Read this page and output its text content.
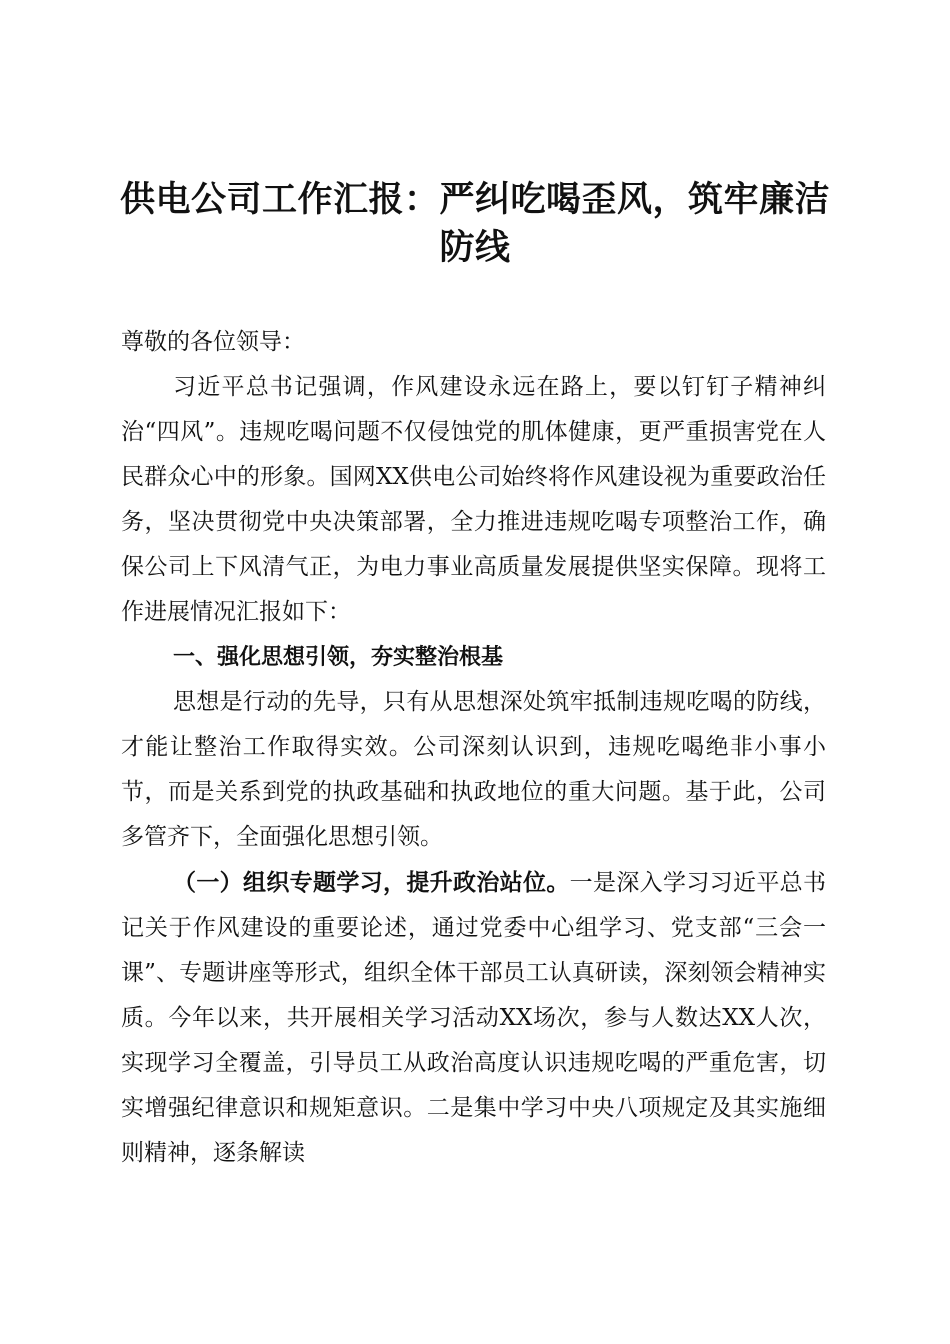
供电公司工作汇报：严纠吃喝歪风，筑牢廉洁防线

尊敬的各位领导：

习近平总书记强调，作风建设永远在路上，要以钉钉子精神纠治“四风”。违规吃喝问题不仅侵蚀党的肌体健康，更严重损害党在人民群众心中的形象。国网XX供电公司始终将作风建设视为重要政治任务，坚决贯彻党中央决策部署，全力推进违规吃喝专项整治工作，确保公司上下风清气正，为电力事业高质量发展提供坚实保障。现将工作进展情况汇报如下：

一、强化思想引领，夯实整治根基

思想是行动的先导，只有从思想深处筑牢抵制违规吃喝的防线，才能让整治工作取得实效。公司深刻认识到，违规吃喝绝非小事小节，而是关系到党的执政基础和执政地位的重大问题。基于此，公司多管齐下，全面强化思想引领。

（一）组织专题学习，提升政治站位。一是深入学习习近平总书记关于作风建设的重要论述，通过党委中心组学习、党支部“三会一课”、专题讲座等形式，组织全体干部员工认真研读，深刻领会精神实质。今年以来，共开展相关学习活动XX场次，参与人数达XX人次，实现学习全覆盖，引导员工从政治高度认识违规吃喝的严重危害，切实增强纪律意识和规矩意识。二是集中学习中央八项规定及其实施细则精神，逐条解读
